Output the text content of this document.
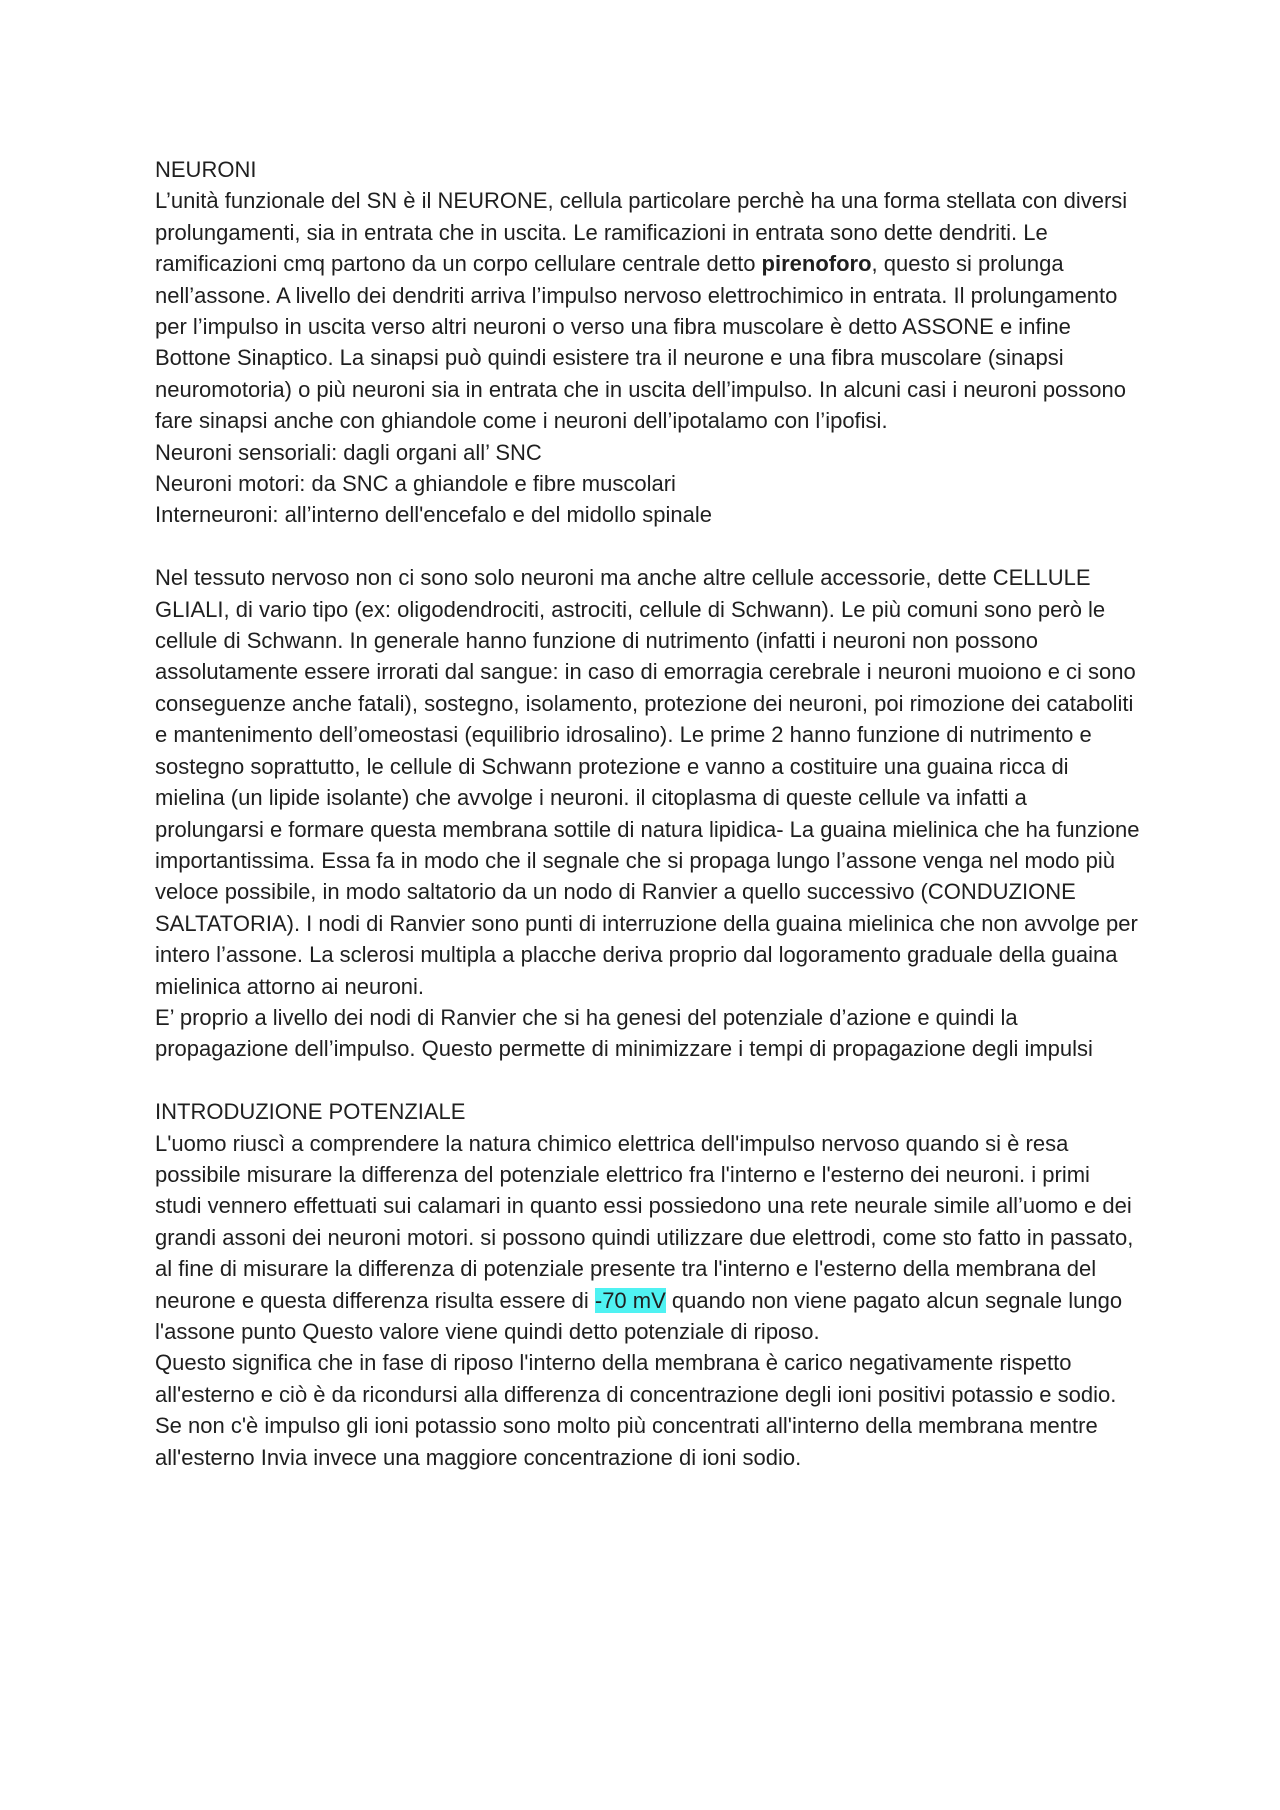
NEURONI

L’unità funzionale del SN è il NEURONE, cellula particolare perchè ha una forma stellata con diversi prolungamenti, sia in entrata che in uscita. Le ramificazioni in entrata sono dette dendriti. Le ramificazioni cmq partono da un corpo cellulare centrale detto pirenoforo, questo si prolunga nell’assone. A livello dei dendriti arriva l’impulso nervoso elettrochimico in entrata. Il prolungamento per l’impulso in uscita verso altri neuroni o verso una fibra muscolare è detto ASSONE e infine Bottone Sinaptico. La sinapsi può quindi esistere tra il neurone e una fibra muscolare (sinapsi neuromotoria) o più neuroni sia in entrata che in uscita dell’impulso. In alcuni casi i neuroni possono fare sinapsi anche con ghiandole come i neuroni dell’ipotalamo con l’ipofisi.

Neuroni sensoriali: dagli organi all’ SNC

Neuroni motori: da SNC a ghiandole e fibre muscolari

Interneuroni: all’interno dell'encefalo e del midollo spinale

Nel tessuto nervoso non ci sono solo neuroni ma anche altre cellule accessorie, dette CELLULE GLIALI, di vario tipo (ex: oligodendrociti, astrociti, cellule di Schwann). Le più comuni sono però le cellule di Schwann. In generale hanno funzione di nutrimento (infatti i neuroni non possono assolutamente essere irrorati dal sangue: in caso di emorragia cerebrale i neuroni muoiono e ci sono conseguenze anche fatali), sostegno, isolamento, protezione dei neuroni, poi rimozione dei cataboliti e mantenimento dell’omeostasi (equilibrio idrosalino). Le prime 2 hanno funzione di nutrimento e sostegno soprattutto, le cellule di Schwann protezione e vanno a costituire una guaina ricca di mielina (un lipide isolante) che avvolge i neuroni. il citoplasma di queste cellule va infatti a prolungarsi e formare questa membrana sottile di natura lipidica- La guaina mielinica che ha funzione importantissima. Essa fa in modo che il segnale che si propaga lungo l’assone venga nel modo più veloce possibile, in modo saltatorio da un nodo di Ranvier a quello successivo (CONDUZIONE SALTATORIA). I nodi di Ranvier sono punti di interruzione della guaina mielinica che non avvolge per intero l’assone. La sclerosi multipla a placche deriva proprio dal logoramento graduale della guaina mielinica attorno ai neuroni.

E’ proprio a livello dei nodi di Ranvier che si ha genesi del potenziale d’azione e quindi la propagazione dell’impulso. Questo permette di minimizzare i tempi di propagazione degli impulsi

INTRODUZIONE POTENZIALE

L'uomo riuscì a comprendere la natura chimico elettrica dell'impulso nervoso quando si è resa possibile misurare la differenza del potenziale elettrico fra l'interno e l'esterno dei neuroni. i primi studi vennero effettuati sui calamari in quanto essi possiedono una rete neurale simile all’uomo e dei grandi assoni dei neuroni motori. si possono quindi utilizzare due elettrodi, come sto fatto in passato, al fine di misurare la differenza di potenziale presente tra l'interno e l'esterno della membrana del neurone e questa differenza risulta essere di -70 mV quando non viene pagato alcun segnale lungo l'assone punto Questo valore viene quindi detto potenziale di riposo.

Questo significa che in fase di riposo l'interno della membrana è carico negativamente rispetto all'esterno e ciò è da ricondursi alla differenza di concentrazione degli ioni positivi potassio e sodio. Se non c'è impulso gli ioni potassio sono molto più concentrati all'interno della membrana mentre all'esterno Invia invece una maggiore concentrazione di ioni sodio.
